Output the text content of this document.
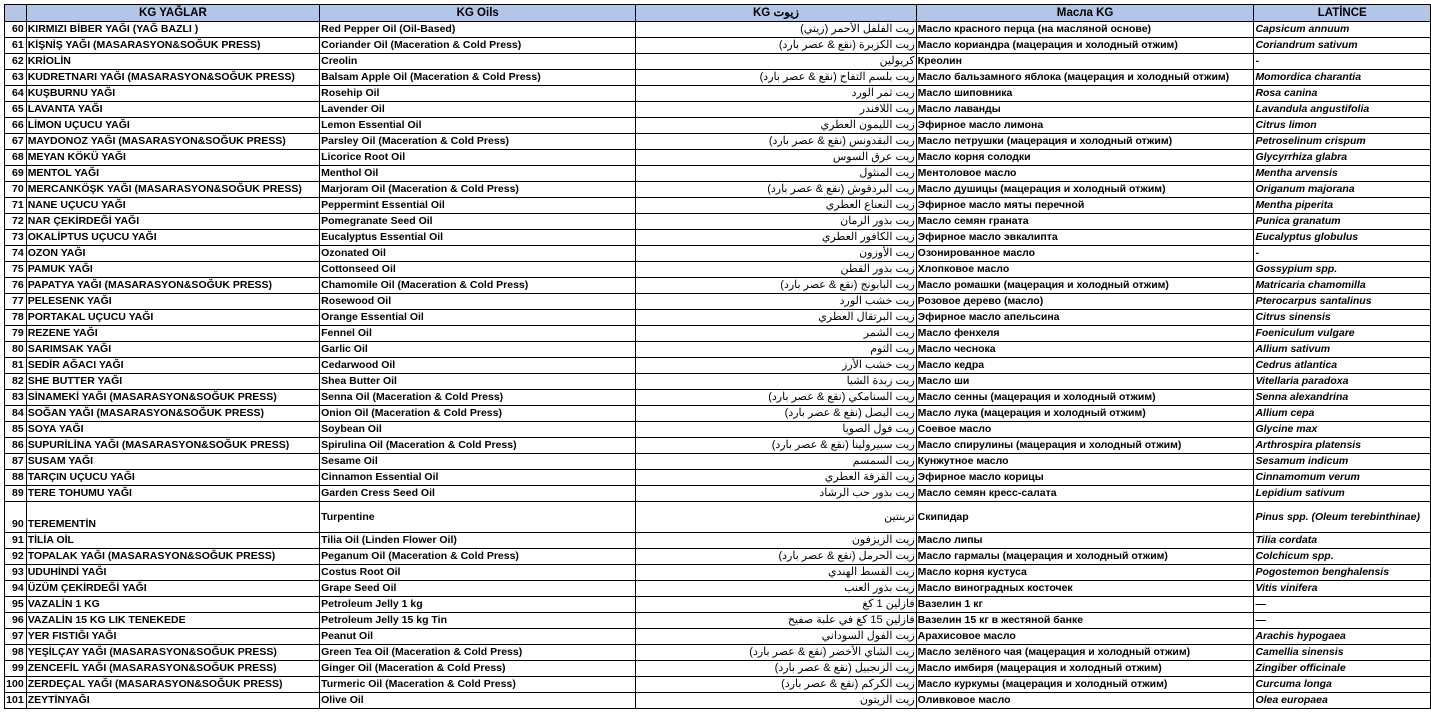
	KG YAĞLAR	KG Oils	KG زيوت	Масла KG	LATİNCE
60	KIRMIZI BİBER YAĞI (YAĞ BAZLI )	Red Pepper Oil (Oil-Based)	زيت الفلفل الأحمر (زيتي)	Масло красного перца (на масляной основе)	Capsicum annuum
61	KİŞNİŞ YAĞI (MASARASYON&SOĞUK PRESS)	Coriander Oil (Maceration & Cold Press)	زيت الكزبرة (نقع & عصر بارد)	Масло кориандра (мацерация и холодный отжим)	Coriandrum sativum
62	KRİOLİN	Creolin	كريولين	Креолин	-
63	KUDRETNARI YAĞI (MASARASYON&SOĞUK PRESS)	Balsam Apple Oil (Maceration & Cold Press)	زيت بلسم التفاح (نقع & عصر بارد)	Масло бальзамного яблока (мацерация и холодный отжим)	Momordica charantia
64	KUŞBURNU YAĞI	Rosehip Oil	زيت ثمر الورد	Масло шиповника	Rosa canina
65	LAVANTA YAĞI	Lavender Oil	زيت اللافندر	Масло лаванды	Lavandula angustifolia
66	LİMON UÇUCU YAĞI	Lemon Essential Oil	زيت الليمون العطري	Эфирное масло лимона	Citrus limon
67	MAYDONOZ YAĞI (MASARASYON&SOĞUK PRESS)	Parsley Oil (Maceration & Cold Press)	زيت البقدونس (نقع & عصر بارد)	Масло петрушки (мацерация и холодный отжим)	Petroselinum crispum
68	MEYAN KÖKÜ YAĞI	Licorice Root Oil	زيت عرق السوس	Масло корня солодки	Glycyrrhiza glabra
69	MENTOL YAĞI	Menthol Oil	زيت المنثول	Ментоловое масло	Mentha arvensis
70	MERCANKÖŞK YAĞI (MASARASYON&SOĞUK PRESS)	Marjoram Oil (Maceration & Cold Press)	زيت البردقوش (نقع & عصر بارد)	Масло душицы (мацерация и холодный отжим)	Origanum majorana
71	NANE UÇUCU YAĞI	Peppermint Essential Oil	زيت النعناع العطري	Эфирное масло мяты перечной	Mentha piperita
72	NAR ÇEKİRDEĞİ YAĞI	Pomegranate Seed Oil	زيت بذور الرمان	Масло семян граната	Punica granatum
73	OKALİPTUS UÇUCU YAĞI	Eucalyptus Essential Oil	زيت الكافور العطري	Эфирное масло эвкалипта	Eucalyptus globulus
74	OZON YAĞI	Ozonated Oil	زيت الأوزون	Озонированное масло	-
75	PAMUK YAĞI	Cottonseed Oil	زيت بذور القطن	Хлопковое масло	Gossypium spp.
76	PAPATYA YAĞI (MASARASYON&SOĞUK PRESS)	Chamomile Oil (Maceration & Cold Press)	زيت البابونج (نقع & عصر بارد)	Масло ромашки (мацерация и холодный отжим)	Matricaria chamomilla
77	PELESENK YAĞI	Rosewood Oil	زيت خشب الورد	Розовое дерево (масло)	Pterocarpus santalinus
78	PORTAKAL UÇUCU YAĞI	Orange Essential Oil	زيت البرتقال العطري	Эфирное масло апельсина	Citrus sinensis
79	REZENE YAĞI	Fennel Oil	زيت الشمر	Масло фенхеля	Foeniculum vulgare
80	SARIMSAK YAĞI	Garlic Oil	زيت الثوم	Масло чеснока	Allium sativum
81	SEDİR AĞACI YAĞI	Cedarwood Oil	زيت خشب الأرز	Масло кедра	Cedrus atlantica
82	SHE BUTTER YAĞI	Shea Butter Oil	زيت زبدة الشيا	Масло ши	Vitellaria paradoxa
83	SİNAMEKİ YAĞI (MASARASYON&SOĞUK PRESS)	Senna Oil (Maceration & Cold Press)	زيت السنامكي (نقع & عصر بارد)	Масло сенны (мацерация и холодный отжим)	Senna alexandrina
84	SOĞAN YAĞI (MASARASYON&SOĞUK PRESS)	Onion Oil (Maceration & Cold Press)	زيت البصل (نقع & عصر بارد)	Масло лука (мацерация и холодный отжим)	Allium cepa
85	SOYA YAĞI	Soybean Oil	زيت فول الصويا	Соевое масло	Glycine max
86	SUPURİLİNA YAĞI (MASARASYON&SOĞUK PRESS)	Spirulina Oil (Maceration & Cold Press)	زيت سبيرولينا (نقع & عصر بارد)	Масло спирулины (мацерация и холодный отжим)	Arthrospira platensis
87	SUSAM YAĞI	Sesame Oil	زيت السمسم	Кунжутное масло	Sesamum indicum
88	TARÇIN UÇUCU YAĞI	Cinnamon Essential Oil	زيت القرفة العطري	Эфирное масло корицы	Cinnamomum verum
89	TERE TOHUMU YAĞI	Garden Cress Seed Oil	زيت بذور حب الرشاد	Масло семян кресс-салата	Lepidium sativum
90	TEREMENTİN	Turpentine	تربنتين	Скипидар	Pinus spp. (Oleum terebinthinae)
91	TİLİA OİL	Tilia Oil (Linden Flower Oil)	زيت الزيزفون	Масло липы	Tilia cordata
92	TOPALAK YAĞI (MASARASYON&SOĞUK PRESS)	Peganum Oil (Maceration & Cold Press)	زيت الحرمل (نقع & عصر بارد)	Масло гармалы (мацерация и холодный отжим)	Colchicum spp.
93	UDUHİNDİ YAĞI	Costus Root Oil	زيت القسط الهندي	Масло корня кустуса	Pogostemon benghalensis
94	ÜZÜM ÇEKİRDEĞİ YAĞI	Grape Seed Oil	زيت بذور العنب	Масло виноградных косточек	Vitis vinifera
95	VAZALİN 1 KG	Petroleum Jelly 1 kg	فازلين 1 كغ	Вазелин 1 кг	—
96	VAZALİN 15 KG LIK TENEKEDE	Petroleum Jelly 15 kg Tin	فازلين 15 كغ في علبة صفيح	Вазелин 15 кг в жестяной банке	—
97	YER FISTIĞI YAĞI	Peanut Oil	زيت الفول السوداني	Арахисовое масло	Arachis hypogaea
98	YEŞİLÇAY YAĞI (MASARASYON&SOĞUK PRESS)	Green Tea Oil (Maceration & Cold Press)	زيت الشاي الأخضر (نقع & عصر بارد)	Масло зелёного чая (мацерация и холодный отжим)	Camellia sinensis
99	ZENCEFİL YAĞI (MASARASYON&SOĞUK PRESS)	Ginger Oil (Maceration & Cold Press)	زيت الزنجبيل (نقع & عصر بارد)	Масло имбиря (мацерация и холодный отжим)	Zingiber officinale
100	ZERDEÇAL YAĞI (MASARASYON&SOĞUK PRESS)	Turmeric Oil (Maceration & Cold Press)	زيت الكركم (نقع & عصر بارد)	Масло куркумы (мацерация и холодный отжим)	Curcuma longa
101	ZEYTİNYAĞI	Olive Oil	زيت الزيتون	Оливковое масло	Olea europaea
